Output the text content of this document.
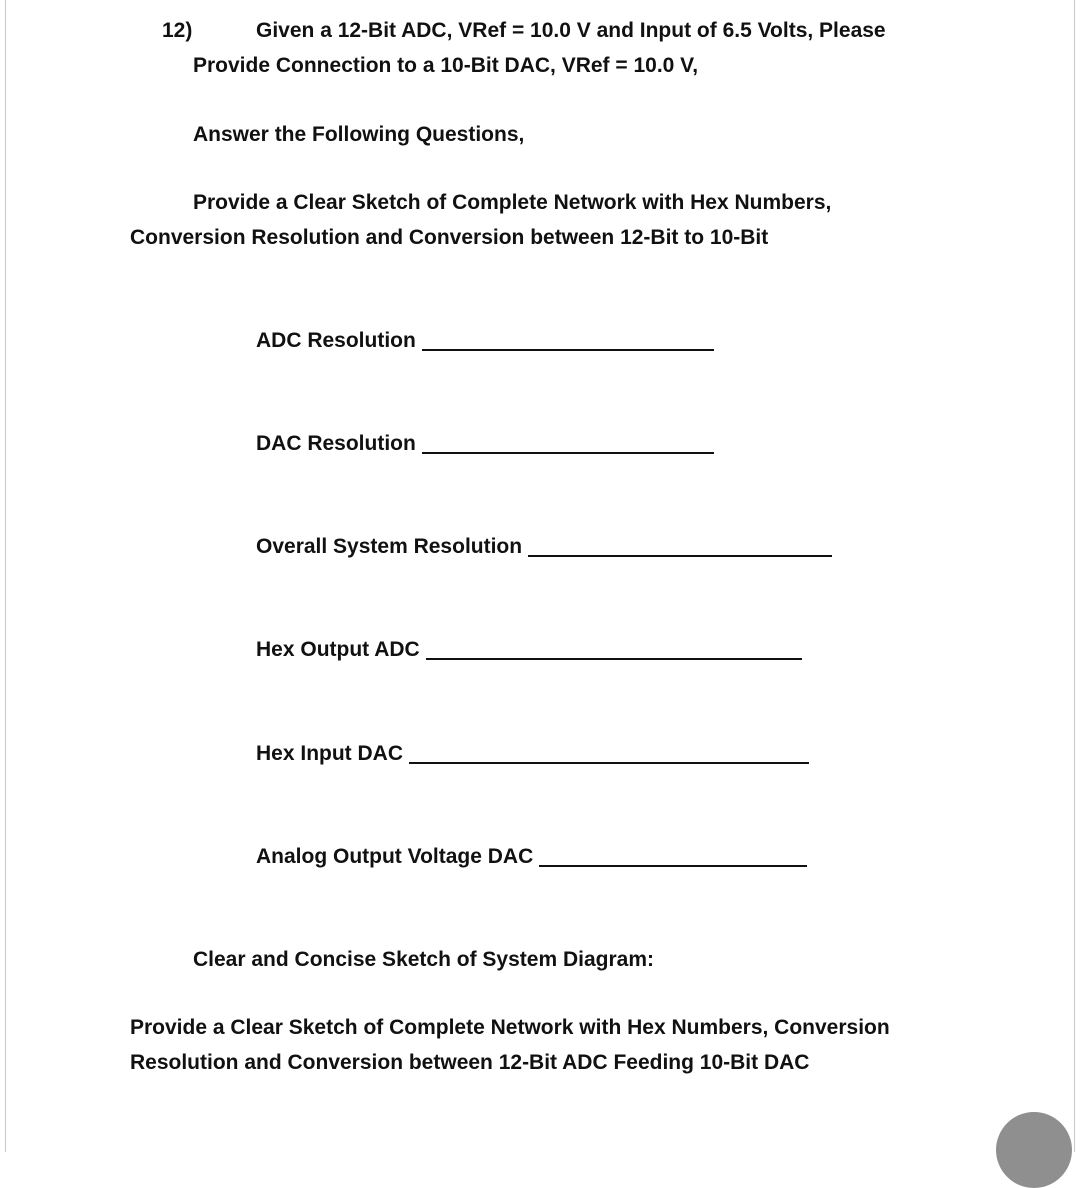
12)	Given a 12-Bit ADC, VRef = 10.0 V and Input of 6.5 Volts, Please
Provide Connection to a 10-Bit DAC, VRef = 10.0 V,
Answer the Following Questions,
Provide a Clear Sketch of Complete Network with Hex Numbers,
Conversion Resolution and Conversion between 12-Bit to 10-Bit
ADC Resolution
DAC Resolution
Overall System Resolution
Hex Output ADC
Hex Input DAC
Analog Output Voltage DAC
Clear and Concise Sketch of System Diagram:
Provide a Clear Sketch of Complete Network with Hex Numbers, Conversion
Resolution and Conversion between 12-Bit ADC Feeding 10-Bit DAC
